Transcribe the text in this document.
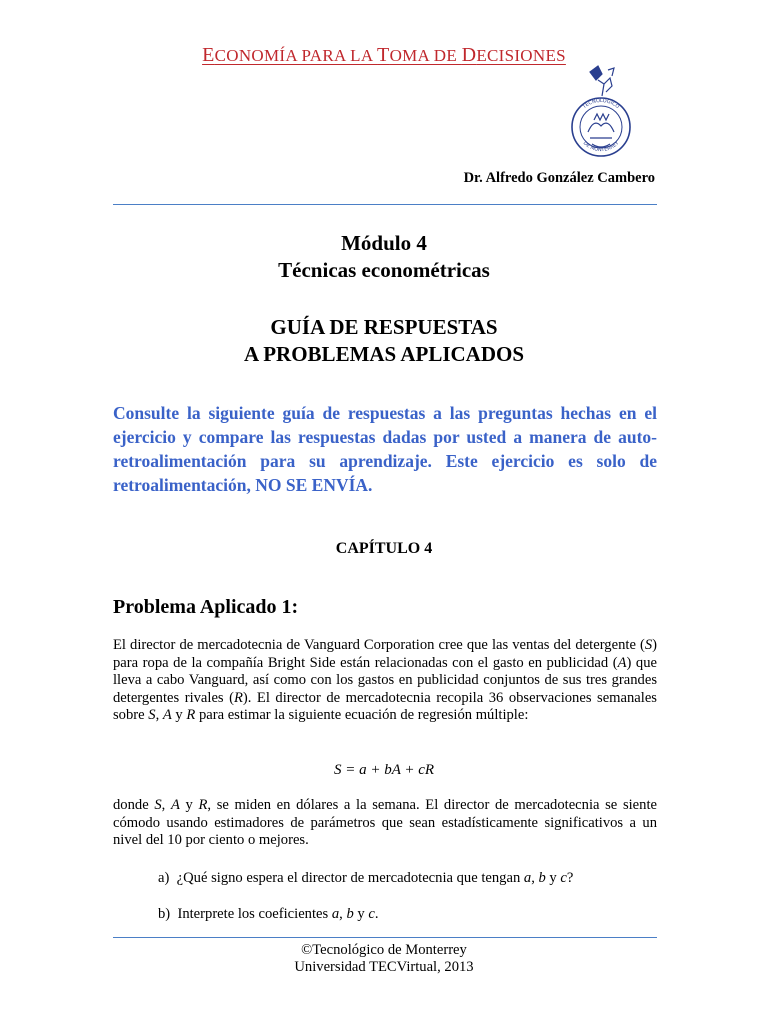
ECONOMÍA PARA LA TOMA DE DECISIONES
TECNOLÓGICO
DE MONTERREY
Dr. Alfredo González Cambero
Módulo 4
Técnicas econométricas
GUÍA DE RESPUESTAS
A PROBLEMAS APLICADOS
Consulte la siguiente guía de respuestas a las preguntas hechas en el ejercicio y compare las respuestas dadas por usted a manera de auto-retroalimentación para su aprendizaje. Este ejercicio es solo de retroalimentación, NO SE ENVÍA.
CAPÍTULO 4
Problema Aplicado 1:
El director de mercadotecnia de Vanguard Corporation cree que las ventas del detergente (S) para ropa de la compañía Bright Side están relacionadas con el gasto en publicidad (A) que lleva a cabo Vanguard, así como con los gastos en publicidad conjuntos de sus tres grandes detergentes rivales (R). El director de mercadotecnia recopila 36 observaciones semanales sobre S, A y R para estimar la siguiente ecuación de regresión múltiple:
S = a + bA + cR
donde S, A y R, se miden en dólares a la semana. El director de mercadotecnia se siente cómodo usando estimadores de parámetros que sean estadísticamente significativos a un nivel del 10 por ciento o mejores.
a) ¿Qué signo espera el director de mercadotecnia que tengan a, b y c?
b) Interprete los coeficientes a, b y c.
©Tecnológico de Monterrey
Universidad TECVirtual, 2013
